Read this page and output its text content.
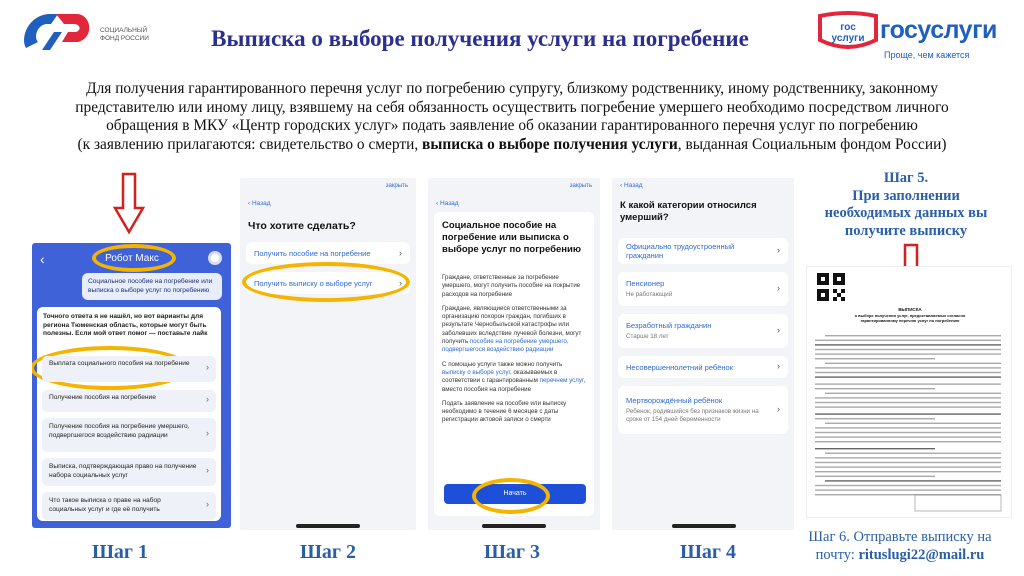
СОЦИАЛЬНЫЙ
ФОНД РОССИИ	Выписка о выборе получения услуги на погребение	гос
услуги госуслуги
Проще, чем кажется
Для получения гарантированного перечня услуг по погребению супругу, близкому родственнику, иному родственнику, законному
представителю или иному лицу, взявшему на себя обязанность осуществить погребение умершего необходимо посредством личного
обращения в МКУ «Центр городских услуг» подать заявление об оказании гарантированного перечня услуг по погребению
(к заявлению прилагаются: свидетельство о смерти, выписка о выборе получения услуги, выданная Социальным фондом России)
‹	Робот Макс
Социальное пособие на погребение или выписка о выборе услуг по погребению
Точного ответа я не нашёл, но вот варианты для региона Тюменская область, которые могут быть полезны. Если мой ответ помог — поставьте лайк
Выплата социального пособия на погребение ›
Получение пособия на погребение	›
Получение пособия на погребение умершего, подвергшегося воздействию радиации	›
Выписка, подтверждающая право на получение набора социальных услуг	›
Что такое выписка о праве на набор социальных услуг и где её получить	›
закрыть
‹ Назад
Что хотите сделать?
Получить пособие на погребение	›
Получить выписку о выборе услуг	›
закрыть
‹ Назад
Социальное пособие на погребение или выписка о выборе услуг по погребению
Граждане, ответственные за погребение умершего, могут получить пособие на покрытие расходов на погребение
Граждане, являющиеся ответственными за организацию похорон граждан, погибших в результате Чернобыльской катастрофы или заболевших вследствие лучевой болезни, могут получить пособие на погребение умершего, подвергшегося воздействию радиации
С помощью услуги также можно получить выписку о выборе услуг, оказываемых в соответствии с гарантированным перечнем услуг, вместо пособия на погребение
Подать заявление на пособие или выписку необходимо в течение 6 месяцев с даты регистрации актовой записи о смерти
Начать
‹ Назад
К какой категории относился умерший?
Официально трудоустроенный гражданин
›
Пенсионер
Не работающий
›
Безработный гражданин
Старше 18 лет
›
Несовершеннолетний ребёнок	›
Мертворождённый ребёнок
Ребенок, родившийся без признаков жизни на сроке от 154 дней беременности
›
Шаг 5.
При заполнении
необходимых данных вы
получите выписку
ВЫПИСКА
о выборе получения услуг, предоставляемых согласно гарантированному перечню услуг по погребению
Шаг 1	Шаг 2	Шаг 3	Шаг 4
Шаг 6. Отправьте выписку на
почту: rituslugi22@mail.ru
